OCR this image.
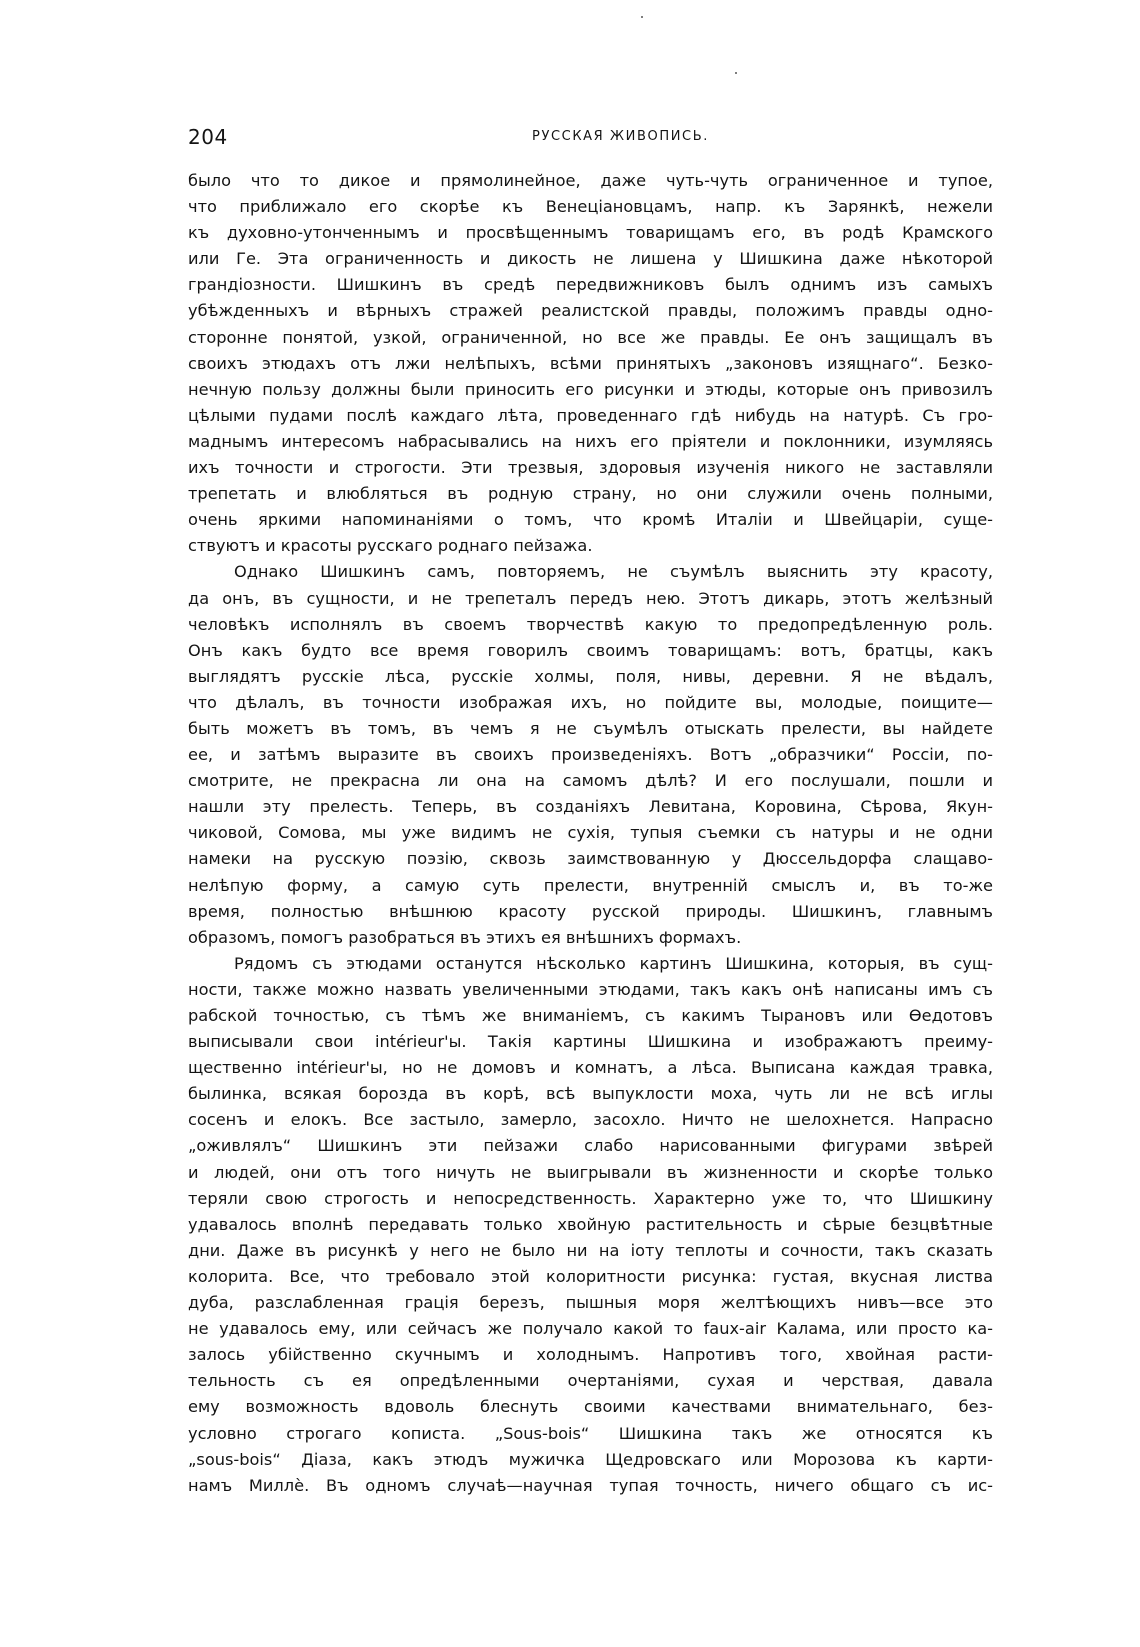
204	РУССКАЯ ЖИВОПИСЬ.
было что то дикое и прямолинейное, даже чуть-чуть ограниченное и тупое,
что приближало его скорѣе къ Венеціановцамъ, напр. къ Зарянкѣ, нежели
къ духовно-утонченнымъ и просвѣщеннымъ товарищамъ его, въ родѣ Крамского
или Ге. Эта ограниченность и дикость не лишена у Шишкина даже нѣкоторой
грандіозности. Шишкинъ въ средѣ передвижниковъ былъ однимъ изъ самыхъ
убѣжденныхъ и вѣрныхъ стражей реалистской правды, положимъ правды одно-
сторонне понятой, узкой, ограниченной, но все же правды. Ее онъ защищалъ въ
своихъ этюдахъ отъ лжи нелѣпыхъ, всѣми принятыхъ „законовъ изящнаго“. Безко-
нечную пользу должны были приносить его рисунки и этюды, которые онъ привозилъ
цѣлыми пудами послѣ каждаго лѣта, проведеннаго гдѣ нибудь на натурѣ. Съ гро-
маднымъ интересомъ набрасывались на нихъ его пріятели и поклонники, изумляясь
ихъ точности и строгости. Эти трезвыя, здоровыя изученія никого не заставляли
трепетать и влюбляться въ родную страну, но они служили очень полными,
очень яркими напоминаніями о томъ, что кромѣ Италіи и Швейцаріи, суще-
ствуютъ и красоты русскаго роднаго пейзажа.
Однако Шишкинъ самъ, повторяемъ, не съумѣлъ выяснить эту красоту,
да онъ, въ сущности, и не трепеталъ передъ нею. Этотъ дикарь, этотъ желѣзный
человѣкъ исполнялъ въ своемъ творчествѣ какую то предопредѣленную роль.
Онъ какъ будто все время говорилъ своимъ товарищамъ: вотъ, братцы, какъ
выглядятъ русскіе лѣса, русскіе холмы, поля, нивы, деревни. Я не вѣдалъ,
что дѣлалъ, въ точности изображая ихъ, но пойдите вы, молодые, поищите—
быть можетъ въ томъ, въ чемъ я не съумѣлъ отыскать прелести, вы найдете
ее, и затѣмъ выразите въ своихъ произведеніяхъ. Вотъ „образчики“ Россіи, по-
смотрите, не прекрасна ли она на самомъ дѣлѣ? И его послушали, пошли и
нашли эту прелесть. Теперь, въ созданіяхъ Левитана, Коровина, Сѣрова, Якун-
чиковой, Сомова, мы уже видимъ не сухія, тупыя съемки съ натуры и не одни
намеки на русскую поэзію, сквозь заимствованную у Дюссельдорфа слащаво-
нелѣпую форму, а самую суть прелести, внутренній смыслъ и, въ то-же
время, полностью внѣшнюю красоту русской природы. Шишкинъ, главнымъ
образомъ, помогъ разобраться въ этихъ ея внѣшнихъ формахъ.
Рядомъ съ этюдами останутся нѣсколько картинъ Шишкина, которыя, въ сущ-
ности, также можно назвать увеличенными этюдами, такъ какъ онѣ написаны имъ съ
рабской точностью, съ тѣмъ же вниманіемъ, съ какимъ Тырановъ или Ѳедотовъ
выписывали свои intérieur'ы. Такія картины Шишкина и изображаютъ преиму-
щественно intérieur'ы, но не домовъ и комнатъ, а лѣса. Выписана каждая травка,
былинка, всякая борозда въ корѣ, всѣ выпуклости моха, чуть ли не всѣ иглы
сосенъ и елокъ. Все застыло, замерло, засохло. Ничто не шелохнется. Напрасно
„оживлялъ“ Шишкинъ эти пейзажи слабо нарисованными фигурами звѣрей
и людей, они отъ того ничуть не выигрывали въ жизненности и скорѣе только
теряли свою строгость и непосредственность. Характерно уже то, что Шишкину
удавалось вполнѣ передавать только хвойную растительность и сѣрые безцвѣтные
дни. Даже въ рисункѣ у него не было ни на іоту теплоты и сочности, такъ сказать
колорита. Все, что требовало этой колоритности рисунка: густая, вкусная листва
дуба, разслабленная грація березъ, пышныя моря желтѣющихъ нивъ—все это
не удавалось ему, или сейчасъ же получало какой то faux-air Калама, или просто ка-
залось убійственно скучнымъ и холоднымъ. Напротивъ того, хвойная расти-
тельность съ ея опредѣленными очертаніями, сухая и черствая, давала
ему возможность вдоволь блеснуть своими качествами внимательнаго, без-
условно строгаго кописта. „Sous-bois“ Шишкина такъ же относятся къ
„sous-bois“ Діаза, какъ этюдъ мужичка Щедровскаго или Морозова къ карти-
намъ Миллѐ. Въ одномъ случаѣ—научная тупая точность, ничего общаго съ ис-
